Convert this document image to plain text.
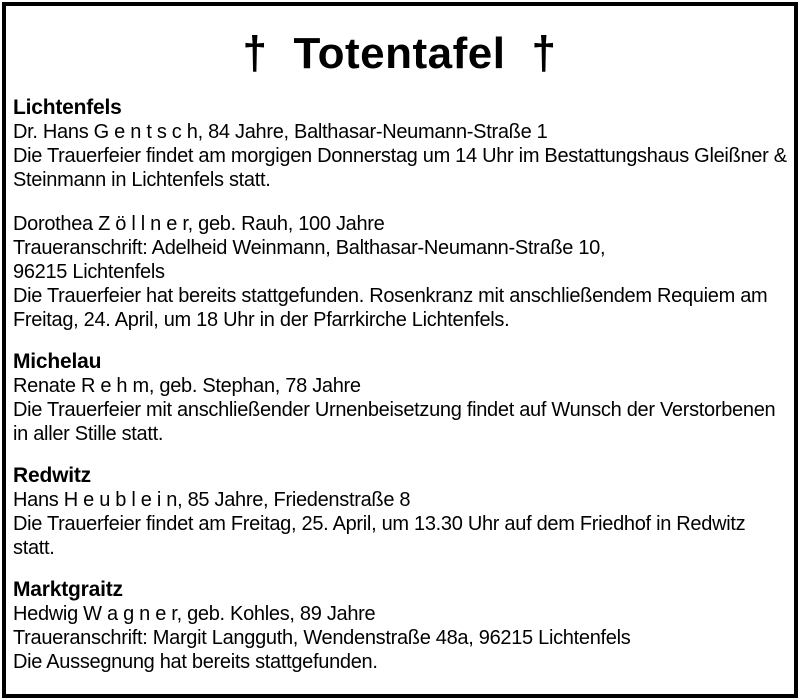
† Totentafel †
Lichtenfels
Dr. Hans G e n t s c h, 84 Jahre, Balthasar-Neumann-Straße 1
Die Trauerfeier findet am morgigen Donnerstag um 14 Uhr im Bestattungshaus Gleißner &
Steinmann in Lichtenfels statt.
Dorothea Z ö l l n e r, geb. Rauh, 100 Jahre
Traueranschrift: Adelheid Weinmann, Balthasar-Neumann-Straße 10,
96215 Lichtenfels
Die Trauerfeier hat bereits stattgefunden. Rosenkranz mit anschließendem Requiem am
Freitag, 24. April, um 18 Uhr in der Pfarrkirche Lichtenfels.
Michelau
Renate R e h m, geb. Stephan, 78 Jahre
Die Trauerfeier mit anschließender Urnenbeisetzung findet auf Wunsch der Verstorbenen
in aller Stille statt.
Redwitz
Hans H e u b l e i n, 85 Jahre, Friedenstraße 8
Die Trauerfeier findet am Freitag, 25. April, um 13.30 Uhr auf dem Friedhof in Redwitz
statt.
Marktgraitz
Hedwig W a g n e r, geb. Kohles, 89 Jahre
Traueranschrift: Margit Langguth, Wendenstraße 48a, 96215 Lichtenfels
Die Aussegnung hat bereits stattgefunden.
